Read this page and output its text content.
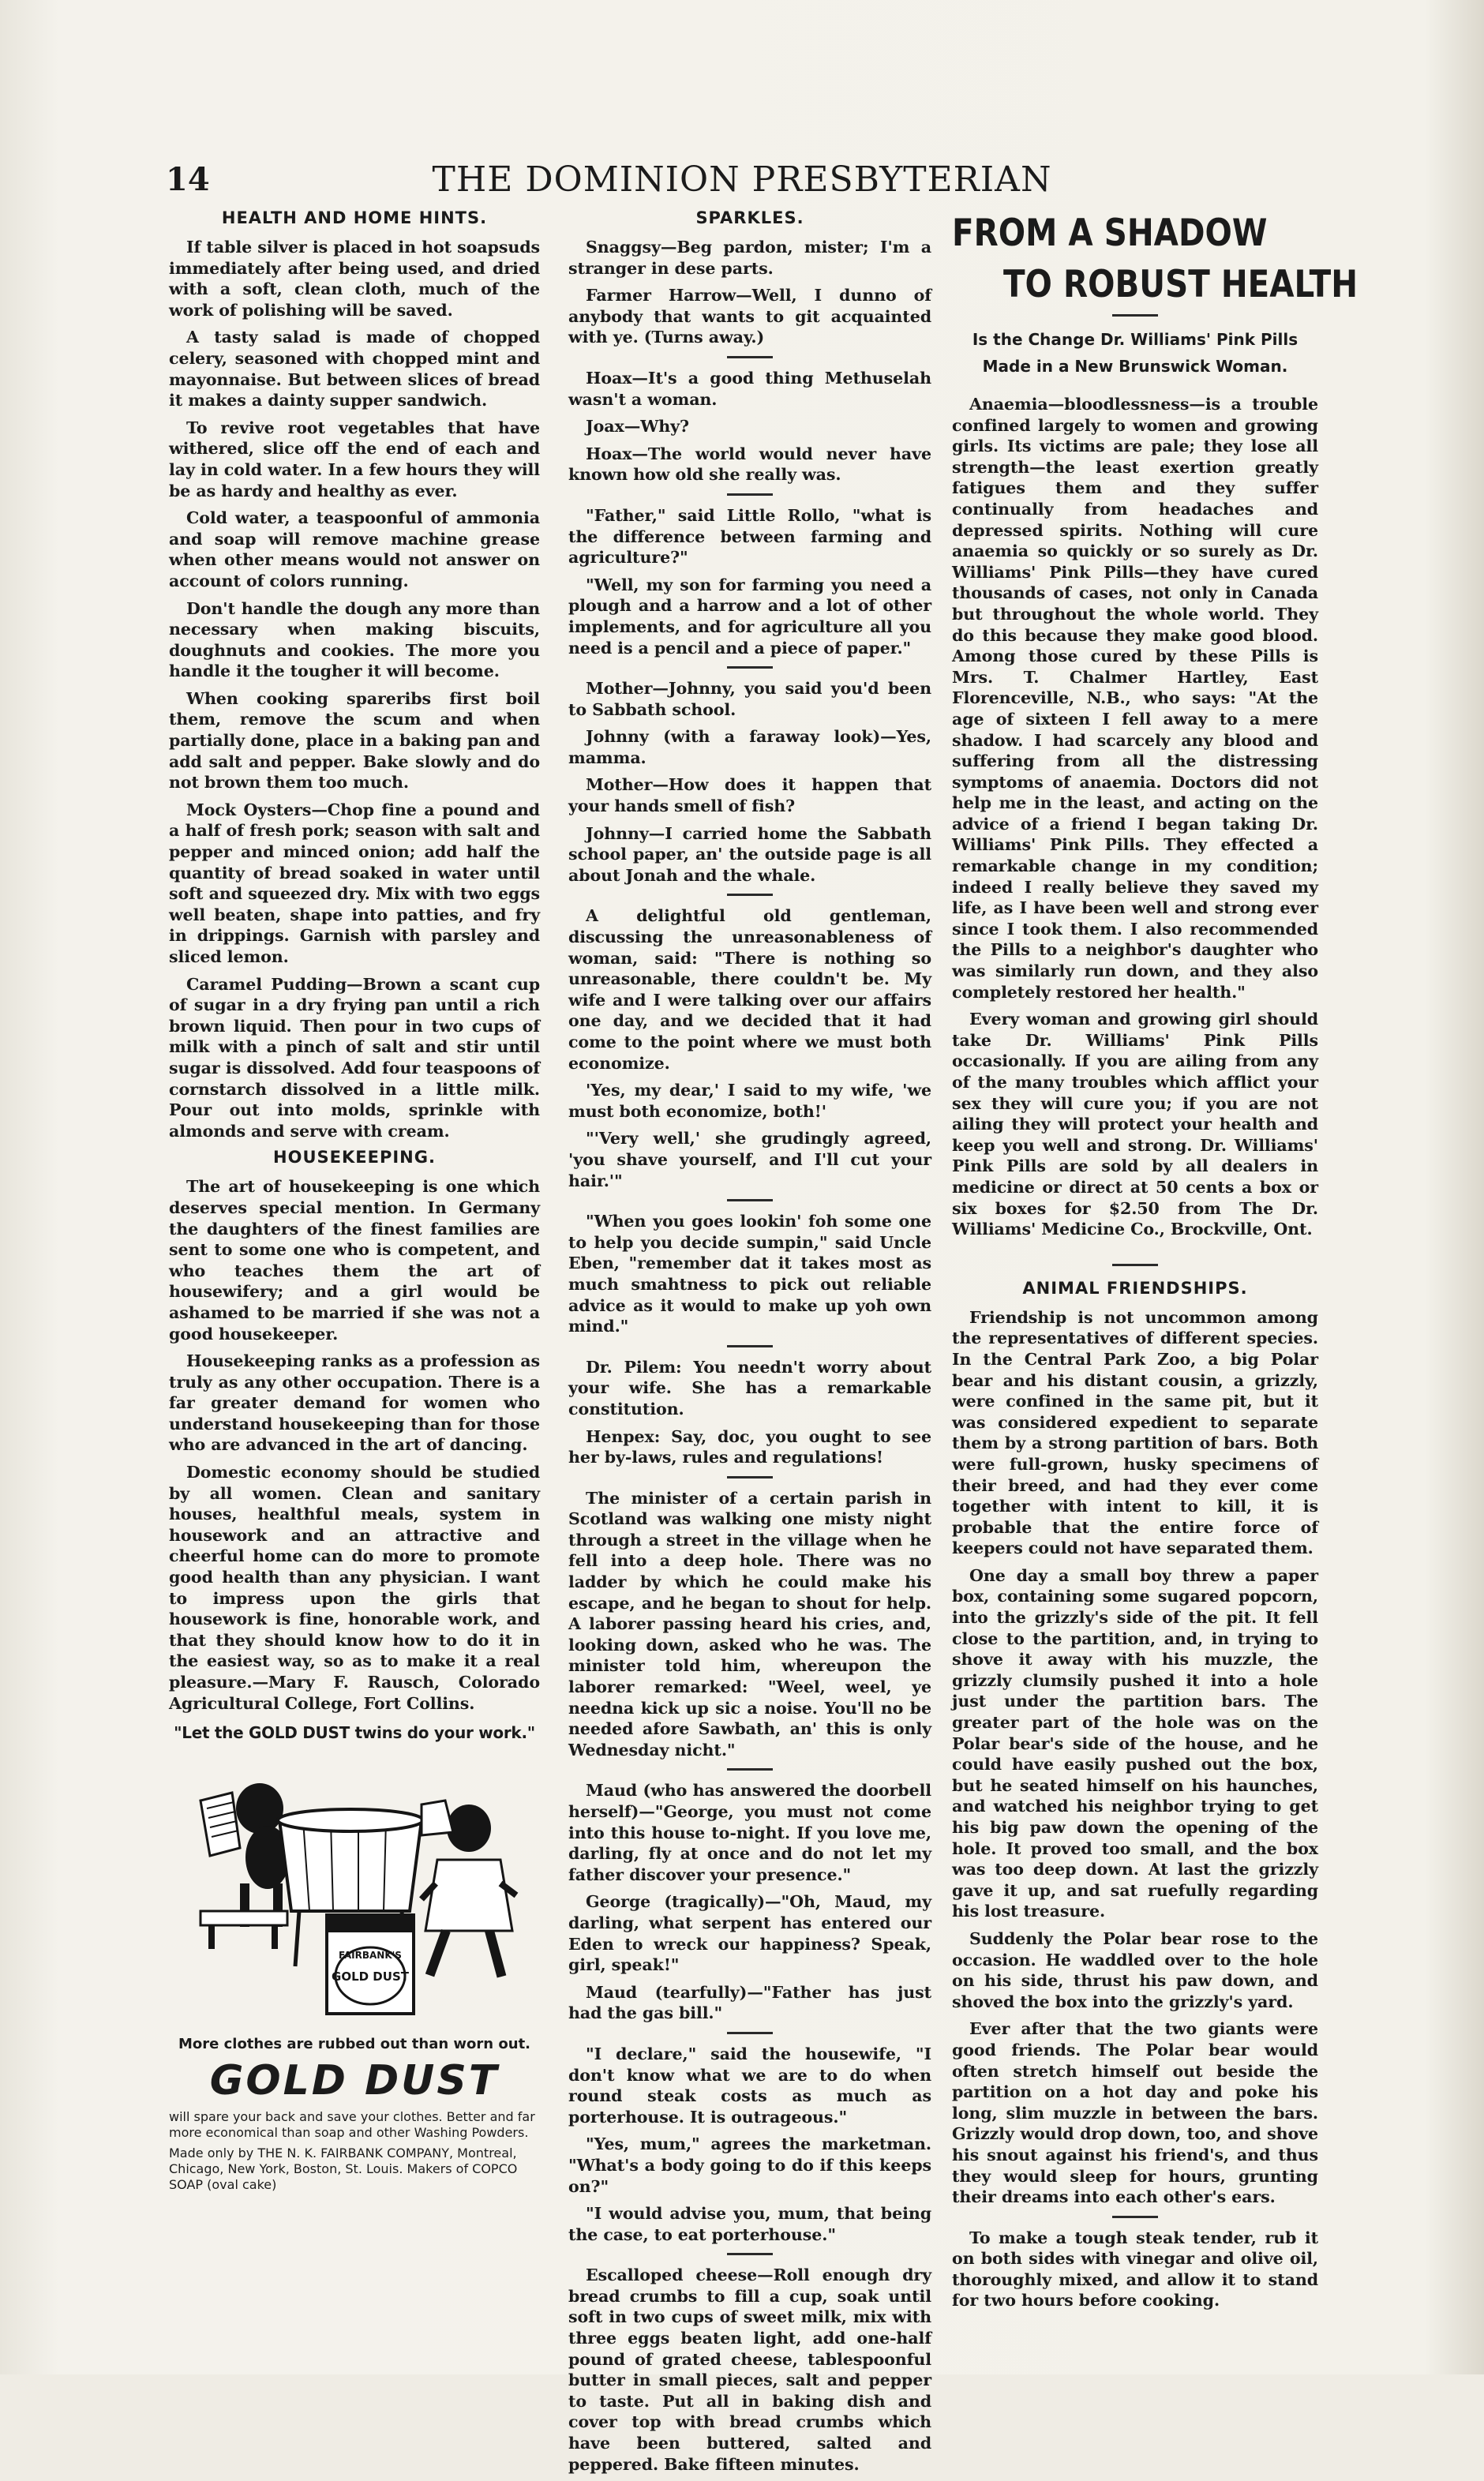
14	THE DOMINION PRESBYTERIAN
HEALTH AND HOME HINTS.

If table silver is placed in hot soapsuds immediately after being used, and dried with a soft, clean cloth, much of the work of polishing will be saved.

A tasty salad is made of chopped celery, seasoned with chopped mint and mayonnaise. But between slices of bread it makes a dainty supper sandwich.

To revive root vegetables that have withered, slice off the end of each and lay in cold water. In a few hours they will be as hardy and healthy as ever.

Cold water, a teaspoonful of ammonia and soap will remove machine grease when other means would not answer on account of colors running.

Don't handle the dough any more than necessary when making biscuits, doughnuts and cookies. The more you handle it the tougher it will become.

When cooking spareribs first boil them, remove the scum and when partially done, place in a baking pan and add salt and pepper. Bake slowly and do not brown them too much.

Mock Oysters—Chop fine a pound and a half of fresh pork; season with salt and pepper and minced onion; add half the quantity of bread soaked in water until soft and squeezed dry. Mix with two eggs well beaten, shape into patties, and fry in drippings. Garnish with parsley and sliced lemon.

Caramel Pudding—Brown a scant cup of sugar in a dry frying pan until a rich brown liquid. Then pour in two cups of milk with a pinch of salt and stir until sugar is dissolved. Add four teaspoons of cornstarch dissolved in a little milk. Pour out into molds, sprinkle with almonds and serve with cream.

HOUSEKEEPING.

The art of housekeeping is one which deserves special mention. In Germany the daughters of the finest families are sent to some one who is competent, and who teaches them the art of housewifery; and a girl would be ashamed to be married if she was not a good housekeeper.

Housekeeping ranks as a profession as truly as any other occupation. There is a far greater demand for women who understand housekeeping than for those who are advanced in the art of dancing.

Domestic economy should be studied by all women. Clean and sanitary houses, healthful meals, system in housework and an attractive and cheerful home can do more to promote good health than any physician. I want to impress upon the girls that housework is fine, honorable work, and that they should know how to do it in the easiest way, so as to make it a real pleasure.—Mary F. Rausch, Colorado Agricultural College, Fort Collins.

"Let the GOLD DUST twins do your work."
FAIRBANK'S
GOLD DUST
More clothes are rubbed out than worn out.
GOLD DUST
will spare your back and save your clothes. Better and far more economical than soap and other Washing Powders.
Made only by THE N. K. FAIRBANK COMPANY, Montreal, Chicago, New York, Boston, St. Louis. Makers of COPCO SOAP (oval cake)
SPARKLES.

Snaggsy—Beg pardon, mister; I'm a stranger in dese parts.

Farmer Harrow—Well, I dunno of anybody that wants to git acquainted with ye. (Turns away.)

Hoax—It's a good thing Methuselah wasn't a woman.

Joax—Why?

Hoax—The world would never have known how old she really was.

"Father," said Little Rollo, "what is the difference between farming and agriculture?"

"Well, my son for farming you need a plough and a harrow and a lot of other implements, and for agriculture all you need is a pencil and a piece of paper."

Mother—Johnny, you said you'd been to Sabbath school.

Johnny (with a faraway look)—Yes, mamma.

Mother—How does it happen that your hands smell of fish?

Johnny—I carried home the Sabbath school paper, an' the outside page is all about Jonah and the whale.

A delightful old gentleman, discussing the unreasonableness of woman, said: "There is nothing so unreasonable, there couldn't be. My wife and I were talking over our affairs one day, and we decided that it had come to the point where we must both economize.

'Yes, my dear,' I said to my wife, 'we must both economize, both!'

"'Very well,' she grudingly agreed, 'you shave yourself, and I'll cut your hair.'"

"When you goes lookin' foh some one to help you decide sumpin," said Uncle Eben, "remember dat it takes most as much smahtness to pick out reliable advice as it would to make up yoh own mind."

Dr. Pilem: You needn't worry about your wife. She has a remarkable constitution.

Henpex: Say, doc, you ought to see her by-laws, rules and regulations!

The minister of a certain parish in Scotland was walking one misty night through a street in the village when he fell into a deep hole. There was no ladder by which he could make his escape, and he began to shout for help. A laborer passing heard his cries, and, looking down, asked who he was. The minister told him, whereupon the laborer remarked: "Weel, weel, ye needna kick up sic a noise. You'll no be needed afore Sawbath, an' this is only Wednesday nicht."

Maud (who has answered the doorbell herself)—"George, you must not come into this house to-night. If you love me, darling, fly at once and do not let my father discover your presence."

George (tragically)—"Oh, Maud, my darling, what serpent has entered our Eden to wreck our happiness? Speak, girl, speak!"

Maud (tearfully)—"Father has just had the gas bill."

"I declare," said the housewife, "I don't know what we are to do when round steak costs as much as porterhouse. It is outrageous."

"Yes, mum," agrees the marketman. "What's a body going to do if this keeps on?"

"I would advise you, mum, that being the case, to eat porterhouse."

Escalloped cheese—Roll enough dry bread crumbs to fill a cup, soak until soft in two cups of sweet milk, mix with three eggs beaten light, add one-half pound of grated cheese, tablespoonful butter in small pieces, salt and pepper to taste. Put all in baking dish and cover top with bread crumbs which have been buttered, salted and peppered. Bake fifteen minutes.

FROM A SHADOW
TO ROBUST HEALTH
Is the Change Dr. Williams' Pink Pills Made in a New Brunswick Woman.

Anaemia—bloodlessness—is a trouble confined largely to women and growing girls. Its victims are pale; they lose all strength—the least exertion greatly fatigues them and they suffer continually from headaches and depressed spirits. Nothing will cure anaemia so quickly or so surely as Dr. Williams' Pink Pills—they have cured thousands of cases, not only in Canada but throughout the whole world. They do this because they make good blood. Among those cured by these Pills is Mrs. T. Chalmer Hartley, East Florenceville, N.B., who says: "At the age of sixteen I fell away to a mere shadow. I had scarcely any blood and suffering from all the distressing symptoms of anaemia. Doctors did not help me in the least, and acting on the advice of a friend I began taking Dr. Williams' Pink Pills. They effected a remarkable change in my condition; indeed I really believe they saved my life, as I have been well and strong ever since I took them. I also recommended the Pills to a neighbor's daughter who was similarly run down, and they also completely restored her health."

Every woman and growing girl should take Dr. Williams' Pink Pills occasionally. If you are ailing from any of the many troubles which afflict your sex they will cure you; if you are not ailing they will protect your health and keep you well and strong. Dr. Williams' Pink Pills are sold by all dealers in medicine or direct at 50 cents a box or six boxes for $2.50 from The Dr. Williams' Medicine Co., Brockville, Ont.

ANIMAL FRIENDSHIPS.

Friendship is not uncommon among the representatives of different species. In the Central Park Zoo, a big Polar bear and his distant cousin, a grizzly, were confined in the same pit, but it was considered expedient to separate them by a strong partition of bars. Both were full-grown, husky specimens of their breed, and had they ever come together with intent to kill, it is probable that the entire force of keepers could not have separated them.

One day a small boy threw a paper box, containing some sugared popcorn, into the grizzly's side of the pit. It fell close to the partition, and, in trying to shove it away with his muzzle, the grizzly clumsily pushed it into a hole just under the partition bars. The greater part of the hole was on the Polar bear's side of the house, and he could have easily pushed out the box, but he seated himself on his haunches, and watched his neighbor trying to get his big paw down the opening of the hole. It proved too small, and the box was too deep down. At last the grizzly gave it up, and sat ruefully regarding his lost treasure.

Suddenly the Polar bear rose to the occasion. He waddled over to the hole on his side, thrust his paw down, and shoved the box into the grizzly's yard.

Ever after that the two giants were good friends. The Polar bear would often stretch himself out beside the partition on a hot day and poke his long, slim muzzle in between the bars. Grizzly would drop down, too, and shove his snout against his friend's, and thus they would sleep for hours, grunting their dreams into each other's ears.

To make a tough steak tender, rub it on both sides with vinegar and olive oil, thoroughly mixed, and allow it to stand for two hours before cooking.
